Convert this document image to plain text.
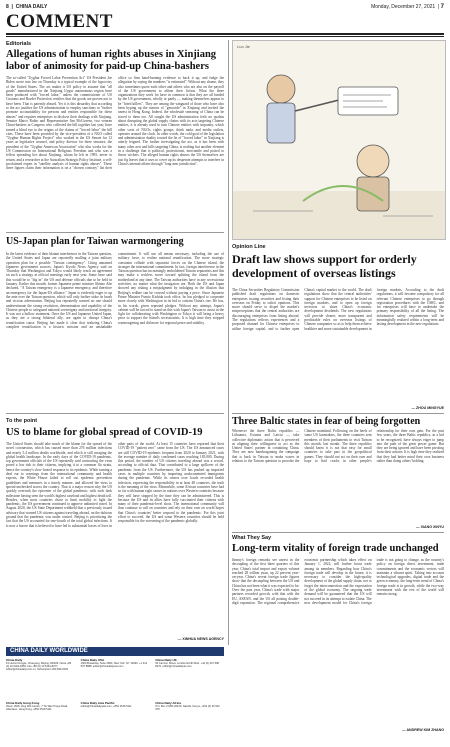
8  |  CHINA DAILY	Monday, December 27, 2021  | 7
COMMENT
Editorials
Allegations of human rights abuses in Xinjiang labor of animosity for paid-up China-bashers
The so-called "Uyghur Forced Labor Prevention Act" US President Joe Biden wrote into law on Thursday is a typical example of the hypocrisy of the United States. The act makes it US policy to assume that "all goods" manufactured in the Xinjiang Uygur autonomous region have been produced with "forced labor," unless the commissioner of US Customs and Border Protection certifies that the goods are proven not to have been. That is patently absurd. Yet it is this absurdity that according to the act justifies the US administration to employ sanctions to "further promote accountability for persons and entities responsible for these abuses" and requires enterprises to disclose their dealings with Xinjiang. Senator Marco Rubio and Representative Jim McGovern, two veteran China-bashers in Congress who collected the bill together last year, have turned a blind eye to the origins of the claims of "forced labor" the bill cites. These have been provided by the vice-president of a NGO called "Uyghur Human Rights Project" who worked in the US Senate for 12 years as legislative counsel, and policy director for three senators; the president of the "Uyghur American Association" who also works for the US Commission on International Religious Freedom and who was a fellow spreading lies about Xinjiang, whom he left in 1995, never to return, and a researcher at the Australian Strategic Policy Institute, a self-proclaimed expert in "satellite analysis of human rights abuses". These three figures claim their information is on a "chosen contrary" list their office so firm hand-burning evidence to back it up, and fudge the allegation by saying the numbers "is estimated". Without any shame, they also sometimes quote each other and others who are also on the payroll of the US government to affirm their fiction. What the three organizations they work for have in common is that they are all funded by the US government, wholly or partly — making themselves appear to be "hired killers". They are among the vanguard of those who have also been hyping up the rumors of "genocide" in Xinjiang and invited the unrest in Hong Kong. Indeed, the wholesale smearing of China can be traced to them too. All sought the US administration feels no qualms about disrupting the global supply chains with its acts targeting Chinese entities, it is already used to turn Chinese entities with impunity, which other sorts of NGOs, rights groups, think tanks and media outlets, operates around the clock. In other words, the cold goal of the legislation and administration duality toward the lie of "forced labor" in Xinjiang is utterly feigned. The further investigating the act, as it has been with many other acts and bills targeting China, is nothing but another element in a challenge that is political, protectionist, mercantile and poised to throw wickets. The alleged human rights abuses the US themselves are just fig leaves that it uses to cover up its desperate attempts to interfere in China's internal affairs through "long-arm jurisdiction".
US-Japan plan for Taiwan warmongering
In the latest evidence of their blatant interference in the Taiwan question, the United States and Japan are reportedly mulling a joint military operation plan for a possible "Taiwan contingency". Citing unnamed Japanese government sources, Japan's Kyodo News Agency said on Thursday that Washington and Tokyo would likely reach an agreement on such a strategy at official meetings early next year. Some have said this would be to "dig in" the US and defense officials due to be held in January. Earlier this month, former Japanese prime minister Shinzo Abe declared, "A Taiwan emergency is a Japanese emergency, and therefore an emergency for the Japan-US alliance." Japan is evidently eager to up the ante over the Taiwan question, which will only further stoke its brash and vicious adventurism. Beijing has repeatedly warned no one should underestimate the strong resolution, determination and capability of the Chinese people to safeguard national sovereignty and territorial integrity. It was not a hollow statement. Once the US and Japanese United Japan, as they are a strong bilateral ally, are again to disrupt China's reunification cause. Beijing has made it clear that realizing China's complete reunification is a historic mission and an unshakable commitment. It will use all means necessary, including the use of military force, to realize national reunification. The more strategic constraint collude with separatist forces on the Chinese island, the stronger the international commitment. In fact, foreign interference in the Taiwan question has increasingly emboldened Taiwan separatists and this may make a reckless move toward splitting the island from the motherland at any time. The Taiwan authorities have in any secessionist activities, no matter what the instigators are. Both the US and Japan showed any risking a misjudgment by indulging in the illusion that Beijing's redline can be crossed without paying a price. Since Japanese Prime Minister Fumio Kishida took office, he has pledged to cooperate more closely with Washington in its bid to contain China's rise. He has, in his words, given repeated pledges. Without any attempt, Japan's cabinet will be forced to stand on this with Japan's Taiwan to assist in the fight for collaborating with Washington or Tokyo it will bring a heavy price to support the island's secessionists. It is high time they stopped warmongering and did more for regional peace and stability.
To the point
US to blame for global spread of COVID-19
The United States should take much of the blame for the spread of the novel coronavirus, which has caused more than 276 million infections and nearly 5.4 million deaths worldwide, and which is still ravaging the global health landscape. In the early days of the COVID-19 pandemic, top government officials of the US repeatedly said contracting the virus posed a low risk to their citizens, implying it to a common flu strain, hence the country's slow-footed response to its epidemic. While turning a deaf ear to warnings from the international community and health experts, the White House failed to roll out epidemic prevention guidelines and measures in a timely manner, and allowed the virus to spread unchecked across the country. That is a major reason why the US quickly overtook the epicenter of the global pandemic, with each dark milestone having seen the world's highest caseload and highest death toll. Besides, when most countries chose to limit mobility to fight the pandemic, the US government continued to approve unlimited travel. In August 2020, the US State Department withheld that a previously issued advisory that warned US citizens against traveling abroad, on the dubious ground that the pandemic was under control. Beijing is prioritizing the fact that the US accounted for one-fourth of the total global infections. It is now a horror that is believed to have led to substantial losses of lives in other parts of the world. At least 15 countries have reported that their COVID-19 "patient zero" came from the US. The US announced cases are still COVID-19 epidemic frequent from 2020 to January 2021, with the average number of daily confirmed cases reaching 185,000. During this period, the number of US citizens traveling abroad was a record, according to official data. That contributed to a large spillover of the pandemic from the US. Furthermore, the US has pushed up imported cases in multiple countries by importing undocumented immigrants during the pandemic. While its crimes over locals recorded health infection, expressing the responsibility in at least 48 countries, the truth is the meaning of the virus. Meanwhile, some African countries have had so far with human right causes in nations over Western countries because they will have stopped by the time they can be administered. This is because the US and its allies have fully vaccinated their citizens with many of their pandemic-level shots. The international community will thus continue to call on countries and rely on their own on world hopes that China's countries' better respond to the pandemic. For this joint effort to succeed, the US and some Western countries should be held responsible for the worsening of the pandemic globally.
— XINHUA NEWS AGENCY
Luo Jie
Opinion Line
Draft law shows support for orderly development of overseas listings
The China Securities Regulatory Commission published draft regulations on domestic enterprises issuing securities and listing their overseas on Friday to solicit opinions. This move should serve to dispel the market's misperceptions that the central authorities are discouraging enterprises from listing abroad. The regulations reflects experiences and a proposed channel for Chinese enterprises to utilize foreign capital, and to further open China's capital market to the world. The draft regulations show that the central authorities' support for Chinese enterprises to be listed on foreign markets, and to open up foreign investors to share China's economic development dividends. The new regulations will provide clearer, more transparent and predictable rules on overseas listings of Chinese companies so as to help them achieve healthier and more sustainable development in foreign markets. According to the draft regulations, it will become compulsory for all relevant Chinese enterprises to go through registration procedures with the CSRC, and for enterprises will have to undertake the primary responsibility of all the listing. The information safety requirements will be meaningfully realized within a long-term and lasting development in the new regulations.
— ZHOU MINGYUE
Three Baltic states in fear of being forgotten
Whenever the three Baltic republics — Lithuania, Estonia and Latvia — take collective diplomatic action that is perceived as aligning their willingness to act as the United States' partner in containing China. They are now bandwagoning the campaign that is back in Taiwan to make waves in relation to the Taiwan question to provoke the Chinese mainland. Following on the heels of some US lawmakers, the three countries sent members of their parliaments to visit Taiwan this month, last month. The three republics should know it is not that easy for small countries to take part in the geopolitical games. They should not act on their own and hope to find cracks in other people's relationship for their own gain. For the past few years, the three Baltic republics, in a bid to be recognized, have always eager to jump into the path of the great power game. But they are being ignored and have been pivoting from their actions. It is high time they realized that they had better mind their own business rather than doing others' bidding.
— XIANG XINYU
What They Say
Long-term vitality of foreign trade unchanged
Jimmy's foreign remarks see unrest in the decoupling of the first three quarters of this year, China's total import and export volume reached 28 trillion yuan, up 22 percent year-on-year. China's recent foreign trade figures show that the decoupling between the US and China has not been what it was expected to be. Over the past year, China's trade with major partners recorded growth, with that with the EU, ASEAN, and the US all posting double-digit expansion. The regional comprehensive economic partnership which takes effect on January 1, 2022, will further boost trade among its members. Regarding how China's foreign trade will develop in the future, it is necessary to consider the high-quality development of the global supply chain, not to forget the interconnection and the expectation of the global economy. The ongoing trade demand will be guaranteed that the US will not succeed in its attempt to isolate China. The new development model for China's foreign trade is not going to change, as the country's policy on foreign direct investment, trade commitments and the economic sectors will maintain a vibrant spirit. Taking into account technological upgrades, digital trade and the green economy, the long-term trend of China's foreign trade is in growth, while the two-way investment with the rest of the world will remain strong.
— ANDREW KIM ZHANG
CHINA DAILY WORLDWIDE
China Daily
15 Huixin Dongjie, Chaoyang, Beijing 100029, News +86 (0) 10 6491-8366, Fax +86 (0) 10 6491-8377, editor@chinadaily.com.cn, Subscription 400 699-0203
China Daily USA
1500 Broadway, Suite 2800, New York, NY 10036, +1 212 537 8888, editor@chinadailyusa.com
China Daily UK
90 Cannon Street, London EC4N 6HA, +44 (0) 207 398 8270, editor@chinadailyuk.com
China Daily Hong Kong
Room 1818, Hing Wai Centre, 7 Tin Wan Praya Road, Aberdeen, Hong Kong, +852 2518 5111
China Daily Asia Pacific
editor@chinadailyasia.com, +852 2518 5111
China Daily Africa
P.O. Box 27281-00100, Nairobi, Kenya, +254 (0) 20 522 675
